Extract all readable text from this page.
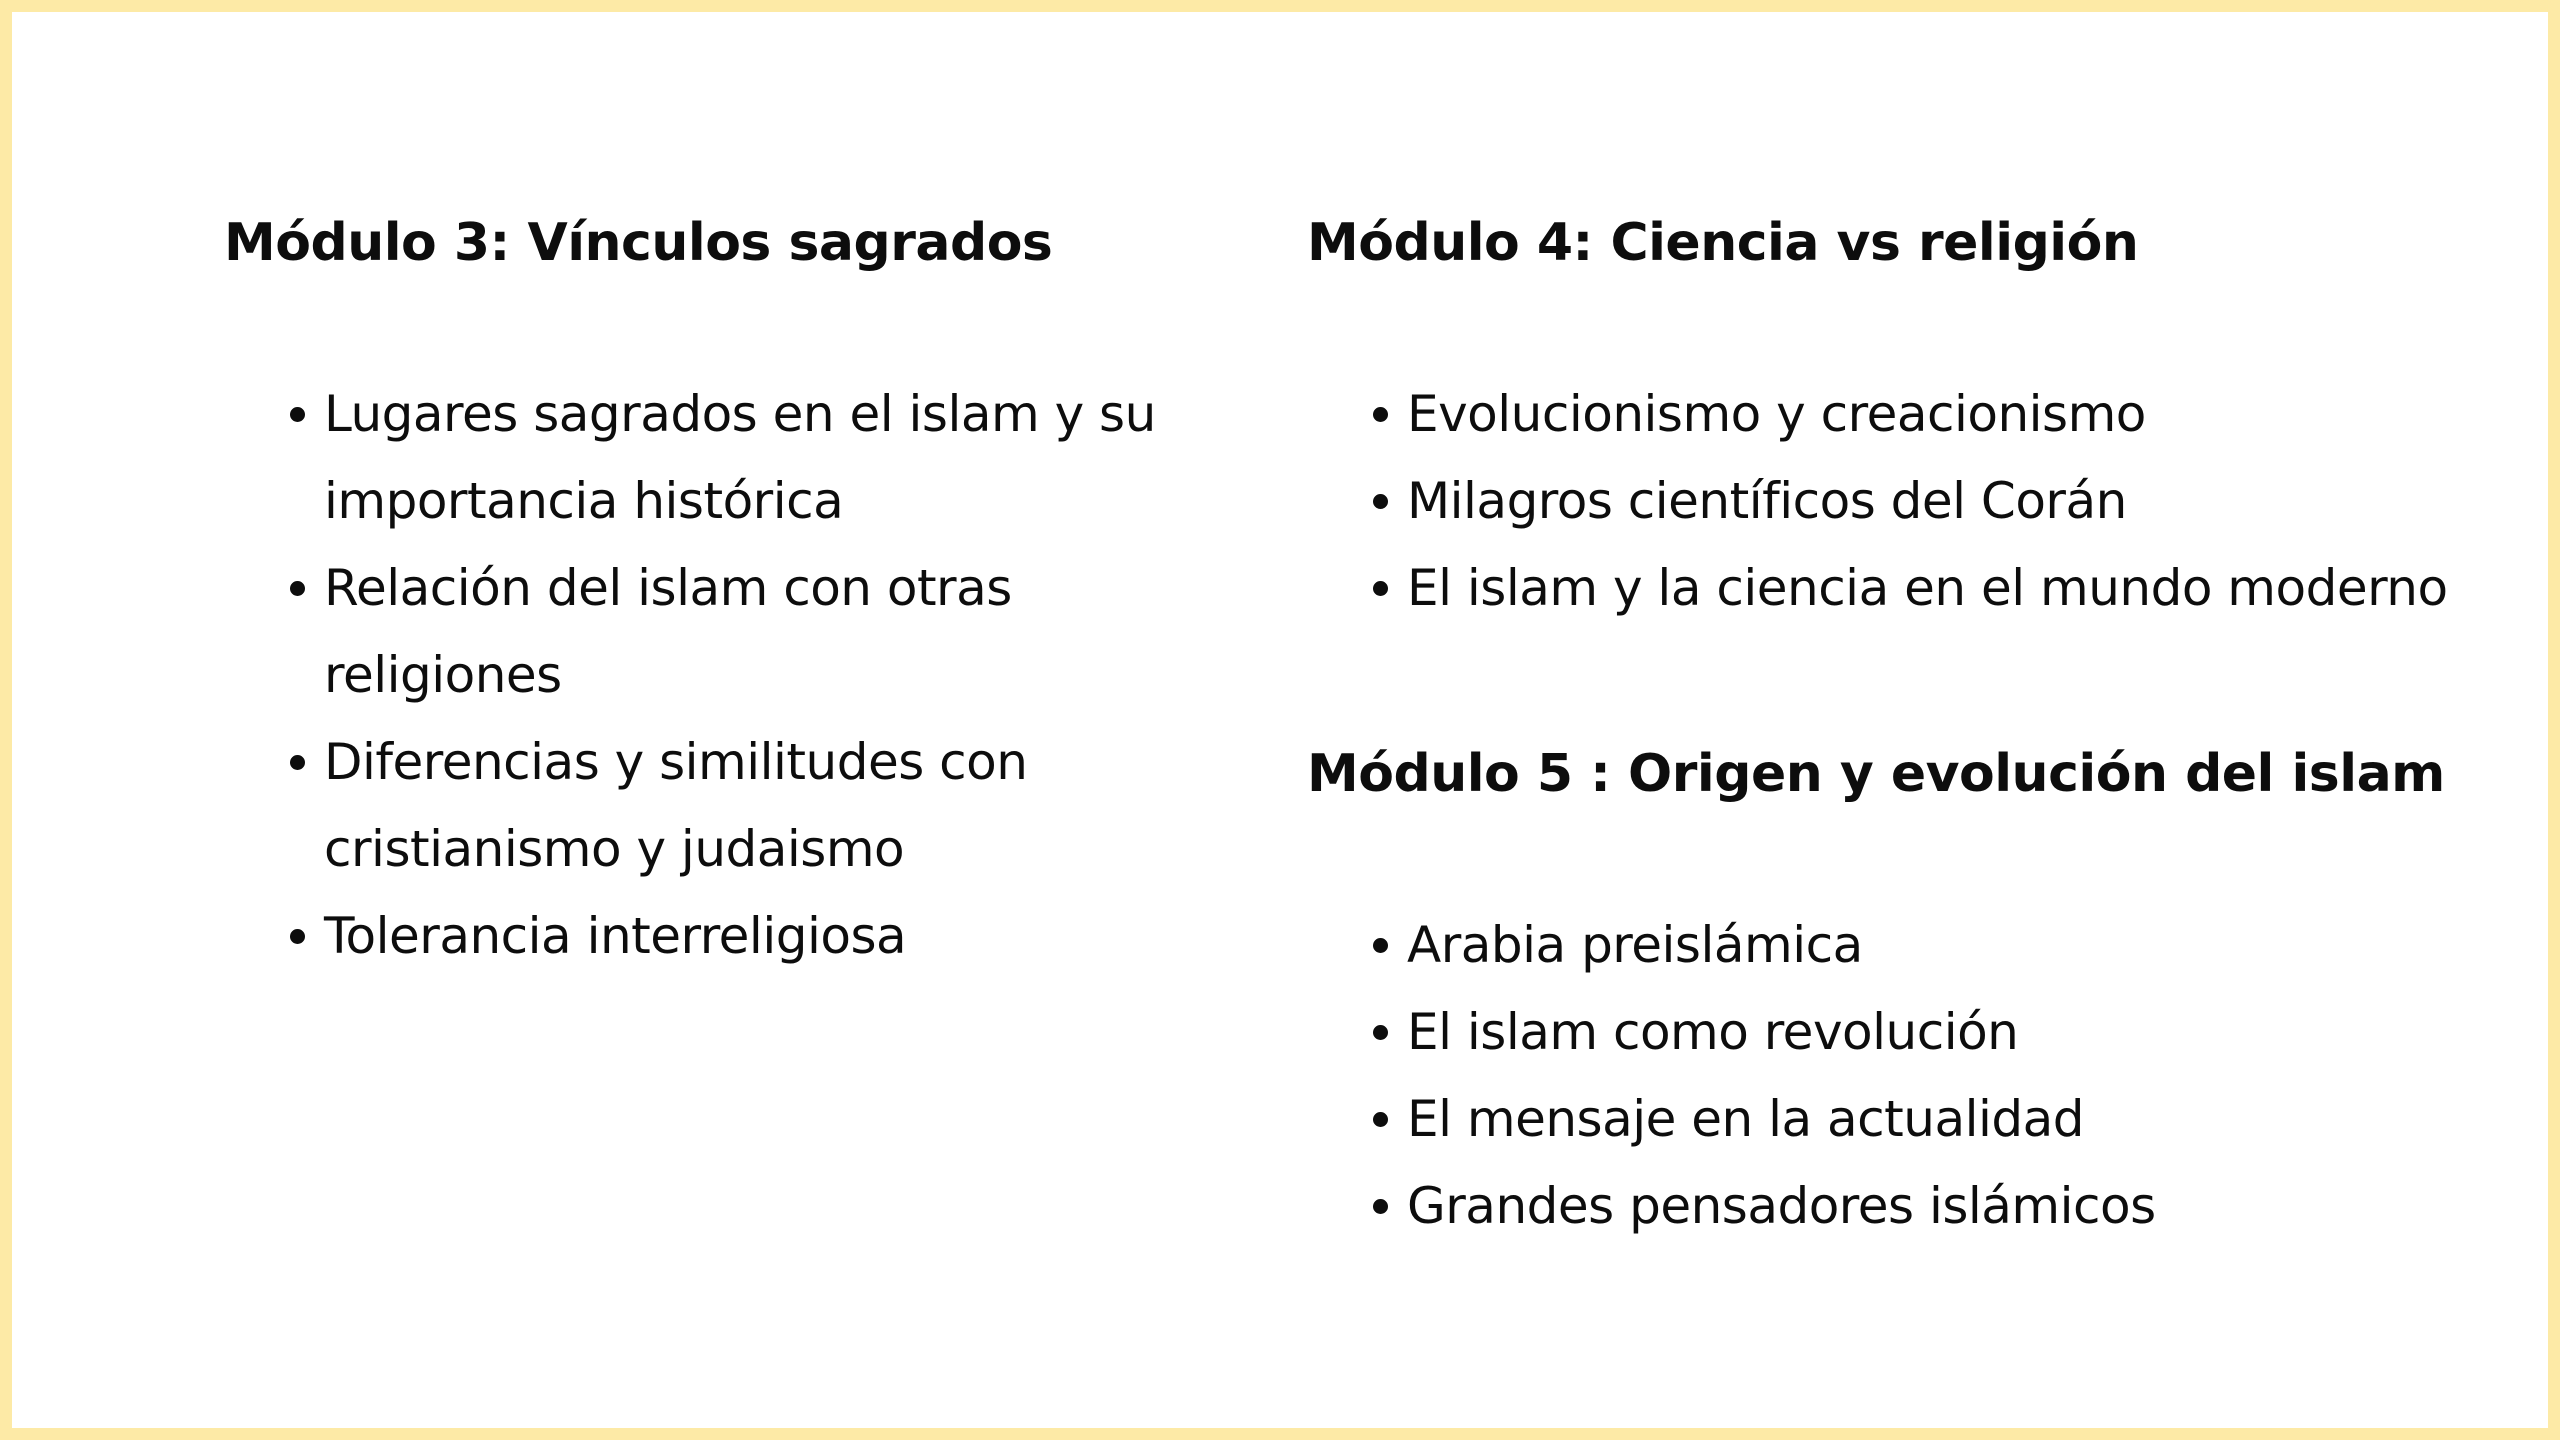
Módulo 3: Vínculos sagrados
Lugares sagrados en el islam y su importancia histórica
Relación del islam con otras religiones
Diferencias y similitudes con cristianismo y judaismo
Tolerancia interreligiosa
Módulo 4: Ciencia vs religión
Evolucionismo y creacionismo
Milagros científicos del Corán
El islam y la ciencia en el mundo moderno
Módulo 5 : Origen y evolución del islam
Arabia preislámica
El islam como revolución
El mensaje en la actualidad
Grandes pensadores islámicos
